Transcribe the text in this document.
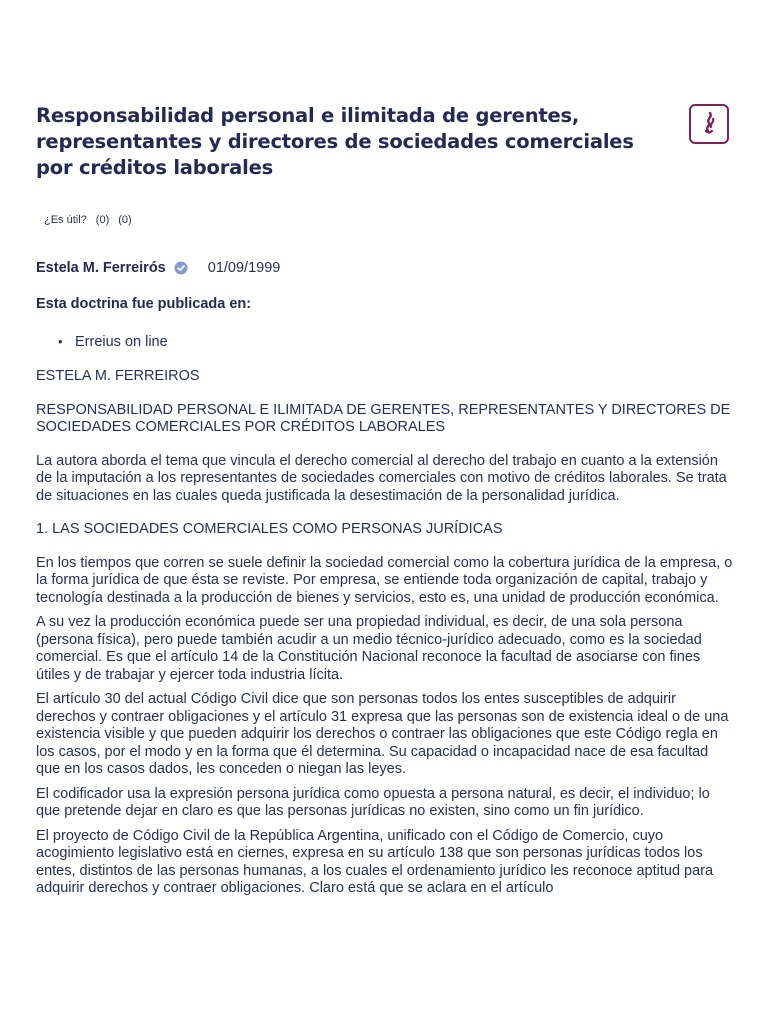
Responsabilidad personal e ilimitada de gerentes, representantes y directores de sociedades comerciales por créditos laborales
¿Es útil? (0) (0)
Estela M. Ferreirós	01/09/1999
Esta doctrina fue publicada en:
• Erreius on line

ESTELA M. FERREIROS

RESPONSABILIDAD PERSONAL E ILIMITADA DE GERENTES, REPRESENTANTES Y DIRECTORES DE SOCIEDADES COMERCIALES POR CRÉDITOS LABORALES

La autora aborda el tema que vincula el derecho comercial al derecho del trabajo en cuanto a la extensión de la imputación a los representantes de sociedades comerciales con motivo de créditos laborales. Se trata de situaciones en las cuales queda justificada la desestimación de la personalidad jurídica.

1. LAS SOCIEDADES COMERCIALES COMO PERSONAS JURÍDICAS

En los tiempos que corren se suele definir la sociedad comercial como la cobertura jurídica de la empresa, o la forma jurídica de que ésta se reviste. Por empresa, se entiende toda organización de capital, trabajo y tecnología destinada a la producción de bienes y servicios, esto es, una unidad de producción económica.

A su vez la producción económica puede ser una propiedad individual, es decir, de una sola persona (persona física), pero puede también acudir a un medio técnico-jurídico adecuado, como es la sociedad comercial. Es que el artículo 14 de la Constitución Nacional reconoce la facultad de asociarse con fines útiles y de trabajar y ejercer toda industria lícita.

El artículo 30 del actual Código Civil dice que son personas todos los entes susceptibles de adquirir derechos y contraer obligaciones y el artículo 31 expresa que las personas son de existencia ideal o de una existencia visible y que pueden adquirir los derechos o contraer las obligaciones que este Código regla en los casos, por el modo y en la forma que él determina. Su capacidad o incapacidad nace de esa facultad que en los casos dados, les conceden o niegan las leyes.

El codificador usa la expresión persona jurídica como opuesta a persona natural, es decir, el individuo; lo que pretende dejar en claro es que las personas jurídicas no existen, sino como un fin jurídico.

El proyecto de Código Civil de la República Argentina, unificado con el Código de Comercio, cuyo acogimiento legislativo está en ciernes, expresa en su artículo 138 que son personas jurídicas todos los entes, distintos de las personas humanas, a los cuales el ordenamiento jurídico les reconoce aptitud para adquirir derechos y contraer obligaciones. Claro está que se aclara en el artículo
